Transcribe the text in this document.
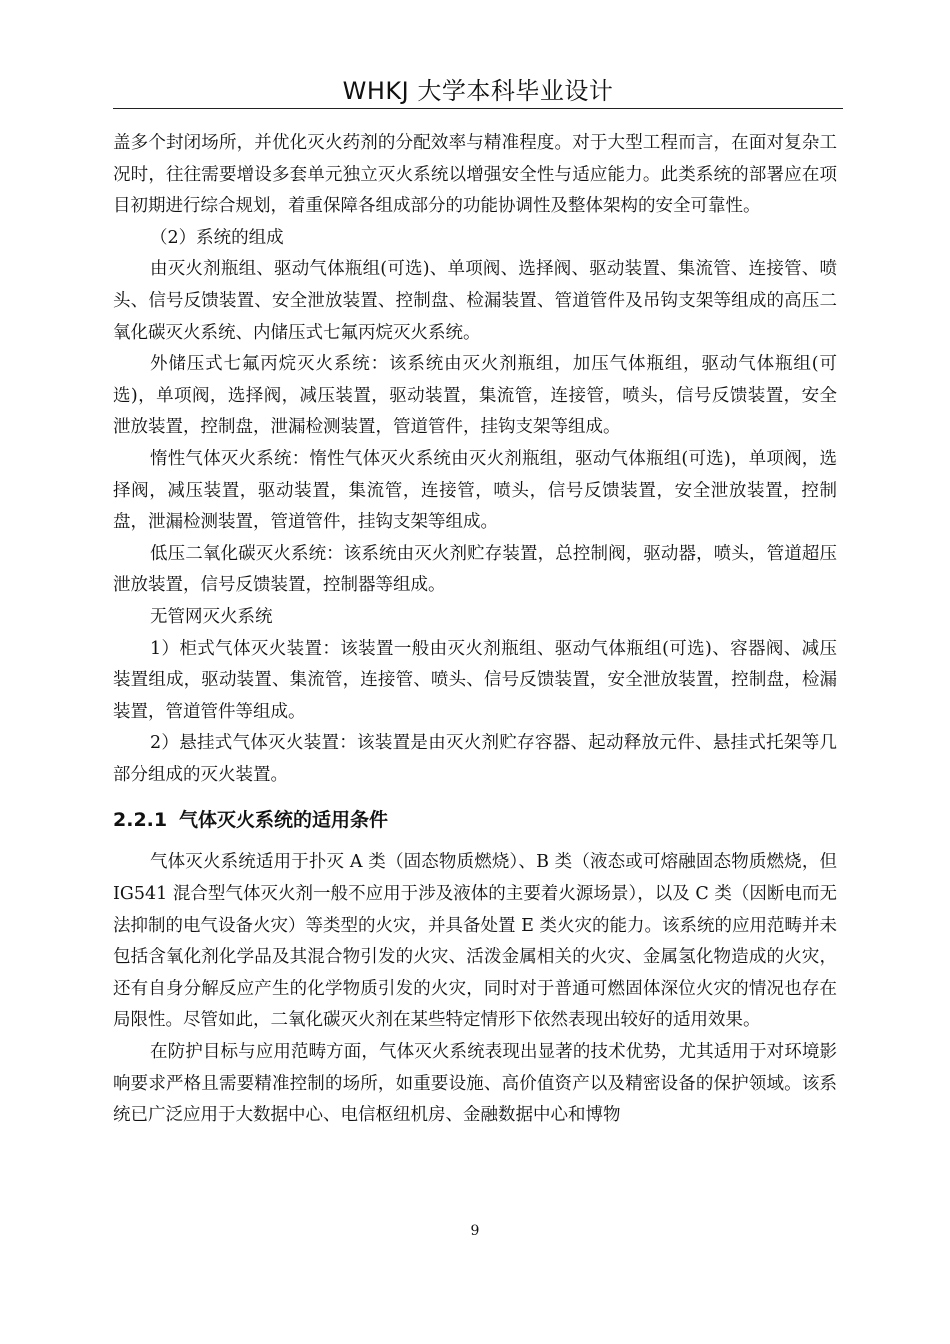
WHKJ 大学本科毕业设计

盖多个封闭场所，并优化灭火药剂的分配效率与精准程度。对于大型工程而言，在面对复杂工况时，往往需要增设多套单元独立灭火系统以增强安全性与适应能力。此类系统的部署应在项目初期进行综合规划，着重保障各组成部分的功能协调性及整体架构的安全可靠性。

（2）系统的组成

由灭火剂瓶组、驱动气体瓶组(可选)、单项阀、选择阀、驱动装置、集流管、连接管、喷头、信号反馈装置、安全泄放装置、控制盘、检漏装置、管道管件及吊钩支架等组成的高压二氧化碳灭火系统、内储压式七氟丙烷灭火系统。

外储压式七氟丙烷灭火系统：该系统由灭火剂瓶组，加压气体瓶组，驱动气体瓶组(可选)，单项阀，选择阀，减压装置，驱动装置，集流管，连接管，喷头，信号反馈装置，安全泄放装置，控制盘，泄漏检测装置，管道管件，挂钩支架等组成。

惰性气体灭火系统：惰性气体灭火系统由灭火剂瓶组，驱动气体瓶组(可选)，单项阀，选择阀，减压装置，驱动装置，集流管，连接管，喷头，信号反馈装置，安全泄放装置，控制盘，泄漏检测装置，管道管件，挂钩支架等组成。

低压二氧化碳灭火系统：该系统由灭火剂贮存装置，总控制阀，驱动器，喷头，管道超压泄放装置，信号反馈装置，控制器等组成。

无管网灭火系统

1）柜式气体灭火装置：该装置一般由灭火剂瓶组、驱动气体瓶组(可选)、容器阀、减压装置组成，驱动装置、集流管，连接管、喷头、信号反馈装置，安全泄放装置，控制盘，检漏装置，管道管件等组成。

2）悬挂式气体灭火装置：该装置是由灭火剂贮存容器、起动释放元件、悬挂式托架等几部分组成的灭火装置。

2.2.1 气体灭火系统的适用条件

气体灭火系统适用于扑灭 A 类（固态物质燃烧）、B 类（液态或可熔融固态物质燃烧，但 IG541 混合型气体灭火剂一般不应用于涉及液体的主要着火源场景），以及 C 类（因断电而无法抑制的电气设备火灾）等类型的火灾，并具备处置 E 类火灾的能力。该系统的应用范畴并未包括含氧化剂化学品及其混合物引发的火灾、活泼金属相关的火灾、金属氢化物造成的火灾，还有自身分解反应产生的化学物质引发的火灾，同时对于普通可燃固体深位火灾的情况也存在局限性。尽管如此，二氧化碳灭火剂在某些特定情形下依然表现出较好的适用效果。

在防护目标与应用范畴方面，气体灭火系统表现出显著的技术优势，尤其适用于对环境影响要求严格且需要精准控制的场所，如重要设施、高价值资产以及精密设备的保护领域。该系统已广泛应用于大数据中心、电信枢纽机房、金融数据中心和博物

9
